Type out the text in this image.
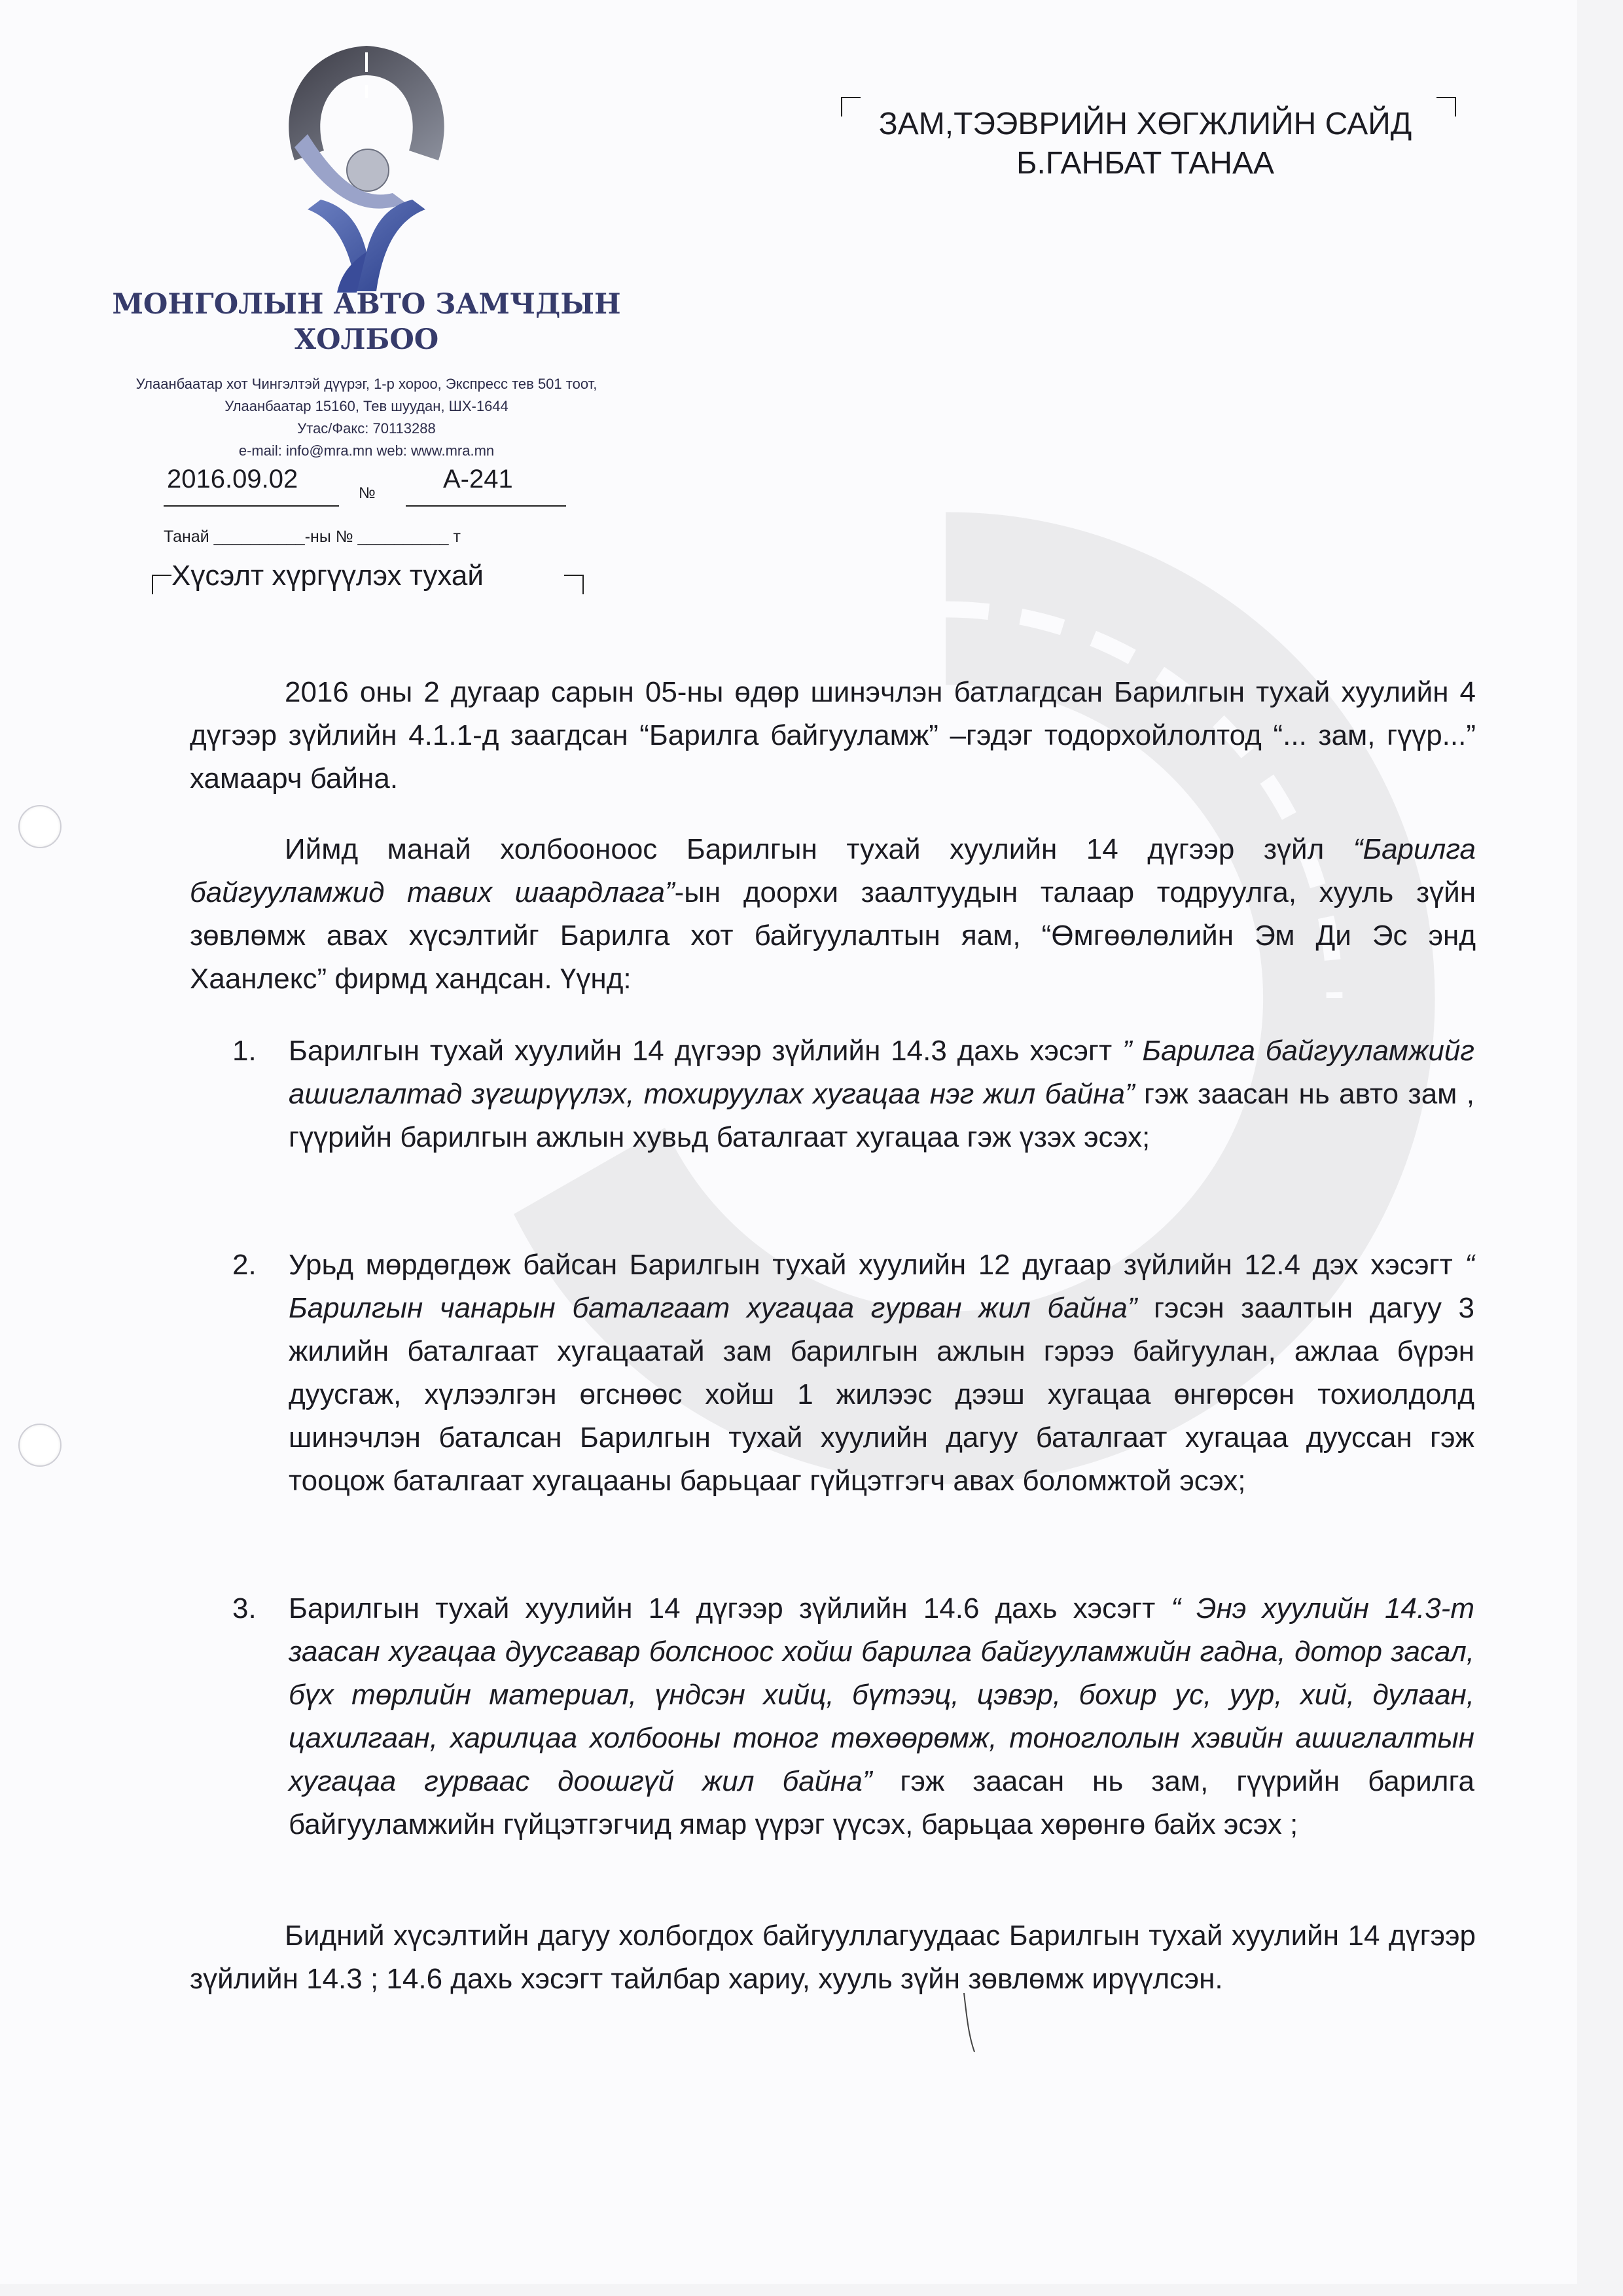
МОНГОЛЫН АВТО ЗАМЧДЫН
ХОЛБОО
Улаанбаатар хот Чингэлтэй дүүрэг, 1-р хороо, Экспресс тев 501 тоот,
Улаанбаатар 15160, Тев шуудан, ШХ-1644
Утас/Факс: 70113288
e-mail: info@mra.mn web: www.mra.mn
2016.09.02	№	А-241
Танай __________-ны № __________ т
Хүсэлт хүргүүлэх тухай
ЗАМ,ТЭЭВРИЙН ХӨГЖЛИЙН САЙД
Б.ГАНБАТ ТАНАА
2016 оны 2 дугаар сарын 05-ны өдөр шинэчлэн батлагдсан Барилгын тухай хуулийн 4 дүгээр зүйлийн 4.1.1-д заагдсан “Барилга байгууламж” –гэдэг тодорхойлолтод “... зам, гүүр...” хамаарч байна.
Иймд манай холбооноос Барилгын тухай хуулийн 14 дүгээр зүйл “Барилга байгууламжид тавих шаардлага”-ын доорхи заалтуудын талаар тодруулга, хууль зүйн зөвлөмж авах хүсэлтийг Барилга хот байгуулалтын яам, “Өмгөөлөлийн Эм Ди Эс энд Хаанлекс” фирмд хандсан. Үүнд:
1.	Барилгын тухай хуулийн 14 дүгээр зүйлийн 14.3 дахь хэсэгт ” Барилга байгууламжийг ашиглалтад зүгшрүүлэх, тохируулах хугацаа нэг жил байна” гэж заасан нь авто зам , гүүрийн барилгын ажлын хувьд баталгаат хугацаа гэж үзэх эсэх;
2.	Урьд мөрдөгдөж байсан Барилгын тухай хуулийн 12 дугаар зүйлийн 12.4 дэх хэсэгт “ Барилгын чанарын баталгаат хугацаа гурван жил байна” гэсэн заалтын дагуу 3 жилийн баталгаат хугацаатай зам барилгын ажлын гэрээ байгуулан, ажлаа бүрэн дуусгаж, хүлээлгэн өгснөөс хойш 1 жилээс дээш хугацаа өнгөрсөн тохиолдолд шинэчлэн баталсан Барилгын тухай хуулийн дагуу баталгаат хугацаа дууссан гэж тооцож баталгаат хугацааны барьцааг гүйцэтгэгч авах боломжтой эсэх;
3.	Барилгын тухай хуулийн 14 дүгээр зүйлийн 14.6 дахь хэсэгт “ Энэ хуулийн 14.3-т заасан хугацаа дуусгавар болсноос хойш барилга байгууламжийн гадна, дотор засал, бүх төрлийн материал, үндсэн хийц, бүтээц, цэвэр, бохир ус, уур, хий, дулаан, цахилгаан, харилцаа холбооны тоног төхөөрөмж, тоноглолын хэвийн ашиглалтын хугацаа гурваас доошгүй жил байна” гэж заасан нь зам, гүүрийн барилга байгууламжийн гүйцэтгэгчид ямар үүрэг үүсэх, барьцаа хөрөнгө байх эсэх ;
Бидний хүсэлтийн дагуу холбогдох байгууллагуудаас Барилгын тухай хуулийн 14 дүгээр зүйлийн 14.3 ; 14.6 дахь хэсэгт тайлбар хариу, хууль зүйн зөвлөмж ирүүлсэн.
